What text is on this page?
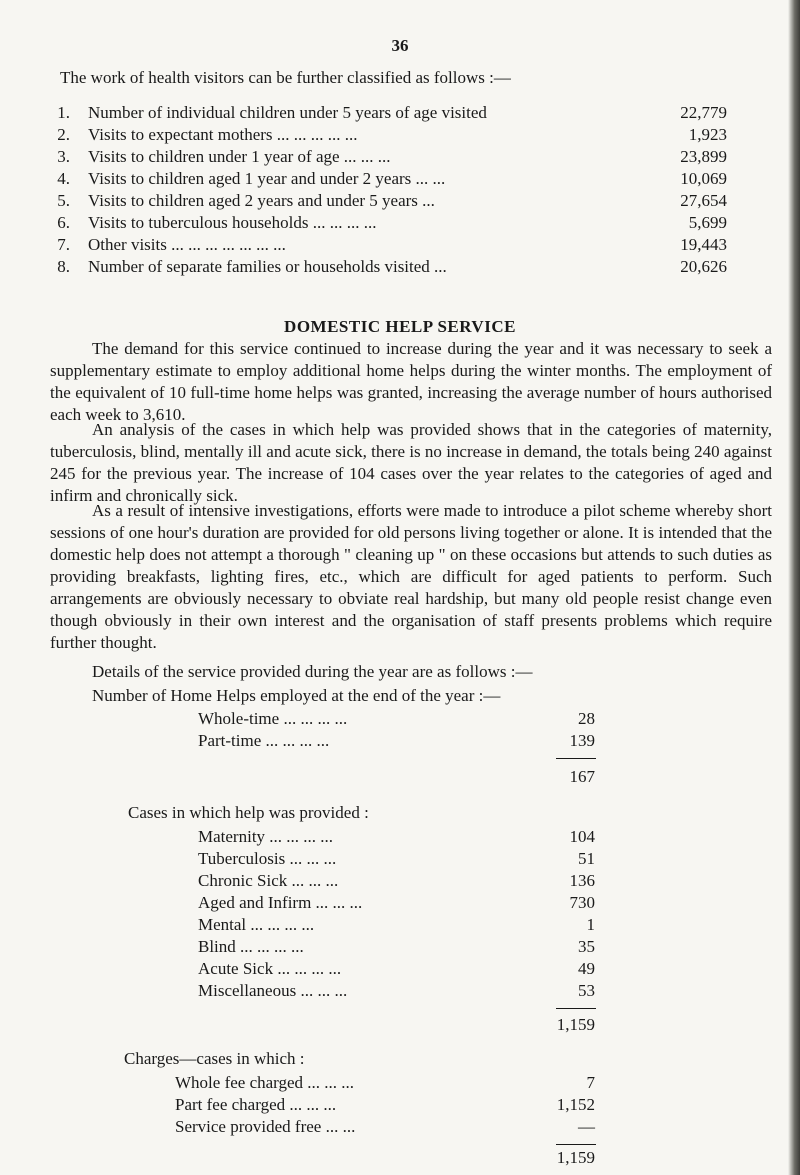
36
The work of health visitors can be further classified as follows :—
1. Number of individual children under 5 years of age visited	22,779
2. Visits to expectant mothers ... ... ... ... ...	1,923
3. Visits to children under 1 year of age ... ... ...	23,899
4. Visits to children aged 1 year and under 2 years ... ...	10,069
5. Visits to children aged 2 years and under 5 years ...	27,654
6. Visits to tuberculous households ... ... ... ...	5,699
7. Other visits ... ... ... ... ... ... ...	19,443
8. Number of separate families or households visited ...	20,626
DOMESTIC HELP SERVICE

The demand for this service continued to increase during the year and it was necessary to seek a supplementary estimate to employ additional home helps during the winter months. The employment of the equivalent of 10 full-time home helps was granted, increasing the average number of hours authorised each week to 3,610.

An analysis of the cases in which help was provided shows that in the categories of maternity, tuberculosis, blind, mentally ill and acute sick, there is no increase in demand, the totals being 240 against 245 for the previous year. The increase of 104 cases over the year relates to the categories of aged and infirm and chronically sick.

As a result of intensive investigations, efforts were made to introduce a pilot scheme whereby short sessions of one hour's duration are provided for old persons living together or alone. It is intended that the domestic help does not attempt a thorough " cleaning up " on these occasions but attends to such duties as providing breakfasts, lighting fires, etc., which are difficult for aged patients to perform. Such arrangements are obviously necessary to obviate real hardship, but many old people resist change even though obviously in their own interest and the organisation of staff presents problems which require further thought.

Details of the service provided during the year are as follows :—
Number of Home Helps employed at the end of the year :—
Whole-time ... ... ... ...	28
Part-time ... ... ... ...	139
167
Cases in which help was provided :
Maternity ... ... ... ...	104
Tuberculosis ... ... ...	51
Chronic Sick ... ... ...	136
Aged and Infirm ... ... ...	730
Mental ... ... ... ...	1
Blind ... ... ... ...	35
Acute Sick ... ... ... ...	49
Miscellaneous ... ... ...	53
1,159
Charges—cases in which :
Whole fee charged ... ... ...	7
Part fee charged ... ... ...	1,152
Service provided free ... ...	—
1,159
